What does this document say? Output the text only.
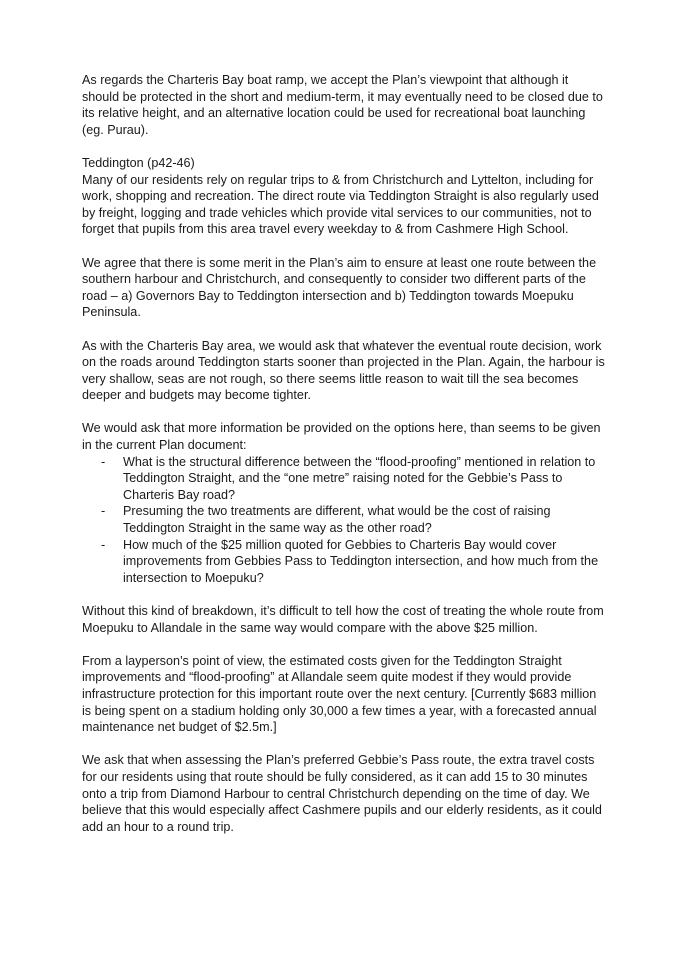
As regards the Charteris Bay boat ramp, we accept the Plan’s viewpoint that although it should be protected in the short and medium-term, it may eventually need to be closed due to its relative height, and an alternative location could be used for recreational boat launching (eg. Purau).

Teddington (p42-46)

Many of our residents rely on regular trips to & from Christchurch and Lyttelton, including for work, shopping and recreation. The direct route via Teddington Straight is also regularly used by freight, logging and trade vehicles which provide vital services to our communities, not to forget that pupils from this area travel every weekday to & from Cashmere High School.

We agree that there is some merit in the Plan’s aim to ensure at least one route between the southern harbour and Christchurch, and consequently to consider two different parts of the road – a) Governors Bay to Teddington intersection and b) Teddington towards Moepuku Peninsula.

As with the Charteris Bay area, we would ask that whatever the eventual route decision, work on the roads around Teddington starts sooner than projected in the Plan. Again, the harbour is very shallow, seas are not rough, so there seems little reason to wait till the sea becomes deeper and budgets may become tighter.

We would ask that more information be provided on the options here, than seems to be given in the current Plan document:

- What is the structural difference between the “flood-proofing” mentioned in relation to Teddington Straight, and the “one metre” raising noted for the Gebbie’s Pass to Charteris Bay road?
- Presuming the two treatments are different, what would be the cost of raising Teddington Straight in the same way as the other road?
- How much of the $25 million quoted for Gebbies to Charteris Bay would cover improvements from Gebbies Pass to Teddington intersection, and how much from the intersection to Moepuku?

Without this kind of breakdown, it’s difficult to tell how the cost of treating the whole route from Moepuku to Allandale in the same way would compare with the above $25 million.

From a layperson’s point of view, the estimated costs given for the Teddington Straight improvements and “flood-proofing” at Allandale seem quite modest if they would provide infrastructure protection for this important route over the next century. [Currently $683 million is being spent on a stadium holding only 30,000 a few times a year, with a forecasted annual maintenance net budget of $2.5m.]

We ask that when assessing the Plan’s preferred Gebbie’s Pass route, the extra travel costs for our residents using that route should be fully considered, as it can add 15 to 30 minutes onto a trip from Diamond Harbour to central Christchurch depending on the time of day. We believe that this would especially affect Cashmere pupils and our elderly residents, as it could add an hour to a round trip.
